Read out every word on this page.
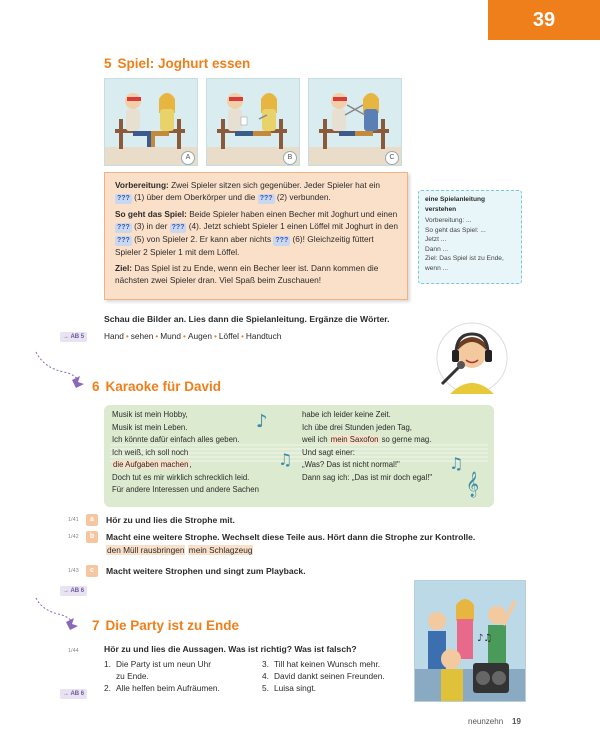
39
5 Spiel: Joghurt essen
A	B	C

Vorbereitung: Zwei Spieler sitzen sich gegenüber. Jeder Spieler hat ein ??? (1) über dem Oberkörper und die ??? (2) verbunden.

So geht das Spiel: Beide Spieler haben einen Becher mit Joghurt und einen ??? (3) in der ??? (4). Jetzt schiebt Spieler 1 einen Löffel mit Joghurt in den ??? (5) von Spieler 2. Er kann aber nichts ??? (6)! Gleichzeitig füttert Spieler 2 Spieler 1 mit dem Löffel.

Ziel: Das Spiel ist zu Ende, wenn ein Becher leer ist. Dann kommen die nächsten zwei Spieler dran. Viel Spaß beim Zuschauen!

eine Spielanleitung
verstehen
Vorbereitung: ...
So geht das Spiel: ...
Jetzt ...
Dann ...
Ziel: Das Spiel ist zu Ende,
wenn ...
Schau die Bilder an. Lies dann die Spielanleitung. Ergänze die Wörter.
→ AB 5	Hand • sehen • Mund • Augen • Löffel • Handtuch
6 Karaoke für David
♪
♫	♫
𝄞
Musik ist mein Hobby,
Musik ist mein Leben.
Ich könnte dafür einfach alles geben.
Ich weiß, ich soll noch
die Aufgaben machen,
Doch tut es mir wirklich schrecklich leid.
Für andere Interessen und andere Sachen
habe ich leider keine Zeit.
Ich übe drei Stunden jeden Tag,
weil ich mein Saxofon so gerne mag.
Und sagt einer:
„Was? Das ist nicht normal!"
Dann sag ich: „Das ist mir doch egal!"
1/41	a	Hör zu und lies die Strophe mit.
1/42	b	Macht eine weitere Strophe. Wechselt diese Teile aus. Hört dann die Strophe zur Kontrolle.
den Müll rausbringen mein Schlagzeug
1/43	c	Macht weitere Strophen und singt zum Playback.
→ AB 6
7 Die Party ist zu Ende
1/44	Hör zu und lies die Aussagen. Was ist richtig? Was ist falsch?
1. Die Party ist um neun Uhr
zu Ende.
2. Alle helfen beim Aufräumen.
3. Till hat keinen Wunsch mehr.
4. David dankt seinen Freunden.
5. Luisa singt.
→ AB 6
♪♫
neunzehn 19
